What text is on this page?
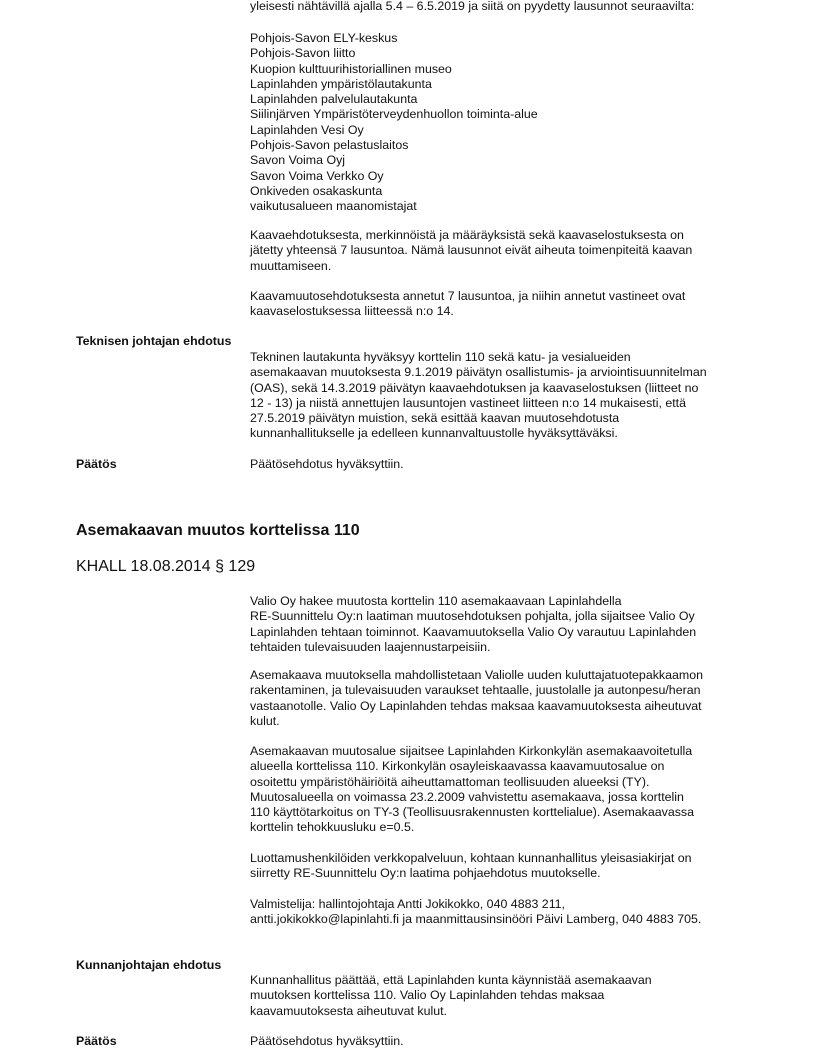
yleisesti nähtävillä ajalla 5.4 – 6.5.2019 ja siitä on pyydetty lausunnot seuraavilta:

Pohjois-Savon ELY-keskus
Pohjois-Savon liitto
Kuopion kulttuurihistoriallinen museo
Lapinlahden ympäristölautakunta
Lapinlahden palvelulautakunta
Siilinjärven Ympäristöterveydenhuollon toiminta-alue
Lapinlahden Vesi Oy
Pohjois-Savon pelastuslaitos
Savon Voima Oyj
Savon Voima Verkko Oy
Onkiveden osakaskunta
vaikutusalueen maanomistajat

Kaavaehdotuksesta, merkinnöistä ja määräyksistä sekä kaavaselostuksesta on
jätetty yhteensä 7 lausuntoa. Nämä lausunnot eivät aiheuta toimenpiteitä kaavan
muuttamiseen.

Kaavamuutosehdotuksesta annetut 7 lausuntoa, ja niihin annetut vastineet ovat
kaavaselostuksessa liitteessä n:o 14.

Teknisen johtajan ehdotus

Tekninen lautakunta hyväksyy korttelin 110 sekä katu- ja vesialueiden
asemakaavan muutoksesta 9.1.2019 päivätyn osallistumis- ja arviointisuunnitelman
(OAS), sekä 14.3.2019 päivätyn kaavaehdotuksen ja kaavaselostuksen (liitteet no
12 - 13) ja niistä annettujen lausuntojen vastineet liitteen n:o 14 mukaisesti, että
27.5.2019 päivätyn muistion, sekä esittää kaavan muutosehdotusta
kunnanhallitukselle ja edelleen kunnanvaltuustolle hyväksyttäväksi.

Päätös	Päätösehdotus hyväksyttiin.

Asemakaavan muutos korttelissa 110

KHALL 18.08.2014 § 129

Valio Oy hakee muutosta korttelin 110 asemakaavaan Lapinlahdella
RE-Suunnittelu Oy:n laatiman muutosehdotuksen pohjalta, jolla sijaitsee Valio Oy
Lapinlahden tehtaan toiminnot. Kaavamuutoksella Valio Oy varautuu Lapinlahden
tehtaiden tulevaisuuden laajennustarpeisiin.

Asemakaava muutoksella mahdollistetaan Valiolle uuden kuluttajatuotepakkaamon
rakentaminen, ja tulevaisuuden varaukset tehtaalle, juustolalle ja autonpesu/heran
vastaanotolle. Valio Oy Lapinlahden tehdas maksaa kaavamuutoksesta aiheutuvat
kulut.

Asemakaavan muutosalue sijaitsee Lapinlahden Kirkonkylän asemakaavoitetulla
alueella korttelissa 110. Kirkonkylän osayleiskaavassa kaavamuutosalue on
osoitettu ympäristöhäiriöitä aiheuttamattoman teollisuuden alueeksi (TY).
Muutosalueella on voimassa 23.2.2009 vahvistettu asemakaava, jossa korttelin
110 käyttötarkoitus on TY-3 (Teollisuusrakennusten korttelialue). Asemakaavassa
korttelin tehokkuusluku e=0.5.

Luottamushenkilöiden verkkopalveluun, kohtaan kunnanhallitus yleisasiakirjat on
siirretty RE-Suunnittelu Oy:n laatima pohjaehdotus muutokselle.

Valmistelija: hallintojohtaja Antti Jokikokko, 040 4883 211,
antti.jokikokko@lapinlahti.fi ja maanmittausinsinööri Päivi Lamberg, 040 4883 705.

Kunnanjohtajan ehdotus

Kunnanhallitus päättää, että Lapinlahden kunta käynnistää asemakaavan
muutoksen korttelissa 110. Valio Oy Lapinlahden tehdas maksaa
kaavamuutoksesta aiheutuvat kulut.

Päätös	Päätösehdotus hyväksyttiin.
